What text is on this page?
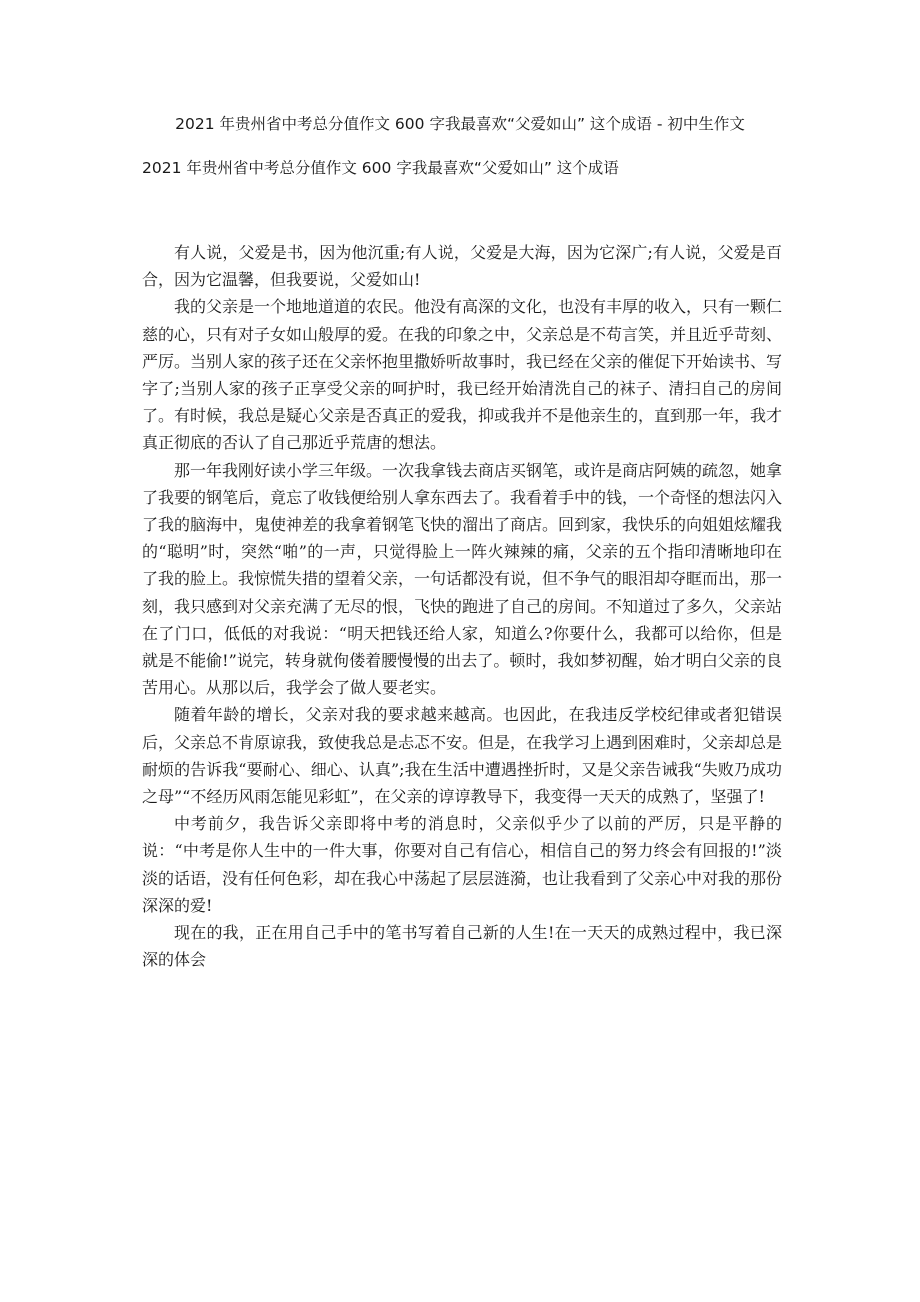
2021 年贵州省中考总分值作文 600 字我最喜欢“父爱如山” 这个成语 - 初中生作文
2021 年贵州省中考总分值作文 600 字我最喜欢“父爱如山” 这个成语

有人说，父爱是书，因为他沉重;有人说，父爱是大海，因为它深广;有人说，父爱是百合，因为它温馨，但我要说，父爱如山!

我的父亲是一个地地道道的农民。他没有高深的文化，也没有丰厚的收入，只有一颗仁慈的心，只有对子女如山般厚的爱。在我的印象之中，父亲总是不苟言笑，并且近乎苛刻、严厉。当别人家的孩子还在父亲怀抱里撒娇听故事时，我已经在父亲的催促下开始读书、写字了;当别人家的孩子正享受父亲的呵护时，我已经开始清洗自己的袜子、清扫自己的房间了。有时候，我总是疑心父亲是否真正的爱我，抑或我并不是他亲生的，直到那一年，我才真正彻底的否认了自己那近乎荒唐的想法。

那一年我刚好读小学三年级。一次我拿钱去商店买钢笔，或许是商店阿姨的疏忽，她拿了我要的钢笔后，竟忘了收钱便给别人拿东西去了。我看着手中的钱，一个奇怪的想法闪入了我的脑海中，鬼使神差的我拿着钢笔飞快的溜出了商店。回到家，我快乐的向姐姐炫耀我的“聪明”时，突然“啪”的一声，只觉得脸上一阵火辣辣的痛，父亲的五个指印清晰地印在了我的脸上。我惊慌失措的望着父亲，一句话都没有说，但不争气的眼泪却夺眶而出，那一刻，我只感到对父亲充满了无尽的恨，飞快的跑进了自己的房间。不知道过了多久，父亲站在了门口，低低的对我说：“明天把钱还给人家，知道么?你要什么，我都可以给你，但是就是不能偷!”说完，转身就佝偻着腰慢慢的出去了。顿时，我如梦初醒，始才明白父亲的良苦用心。从那以后，我学会了做人要老实。

随着年龄的增长，父亲对我的要求越来越高。也因此，在我违反学校纪律或者犯错误后，父亲总不肯原谅我，致使我总是忐忑不安。但是，在我学习上遇到困难时，父亲却总是耐烦的告诉我“要耐心、细心、认真”;我在生活中遭遇挫折时，又是父亲告诫我“失败乃成功之母”“不经历风雨怎能见彩虹”，在父亲的谆谆教导下，我变得一天天的成熟了，坚强了!

中考前夕，我告诉父亲即将中考的消息时，父亲似乎少了以前的严厉，只是平静的说：“中考是你人生中的一件大事，你要对自己有信心，相信自己的努力终会有回报的!”淡淡的话语，没有任何色彩，却在我心中荡起了层层涟漪，也让我看到了父亲心中对我的那份深深的爱!

现在的我，正在用自己手中的笔书写着自己新的人生!在一天天的成熟过程中，我已深深的体会
